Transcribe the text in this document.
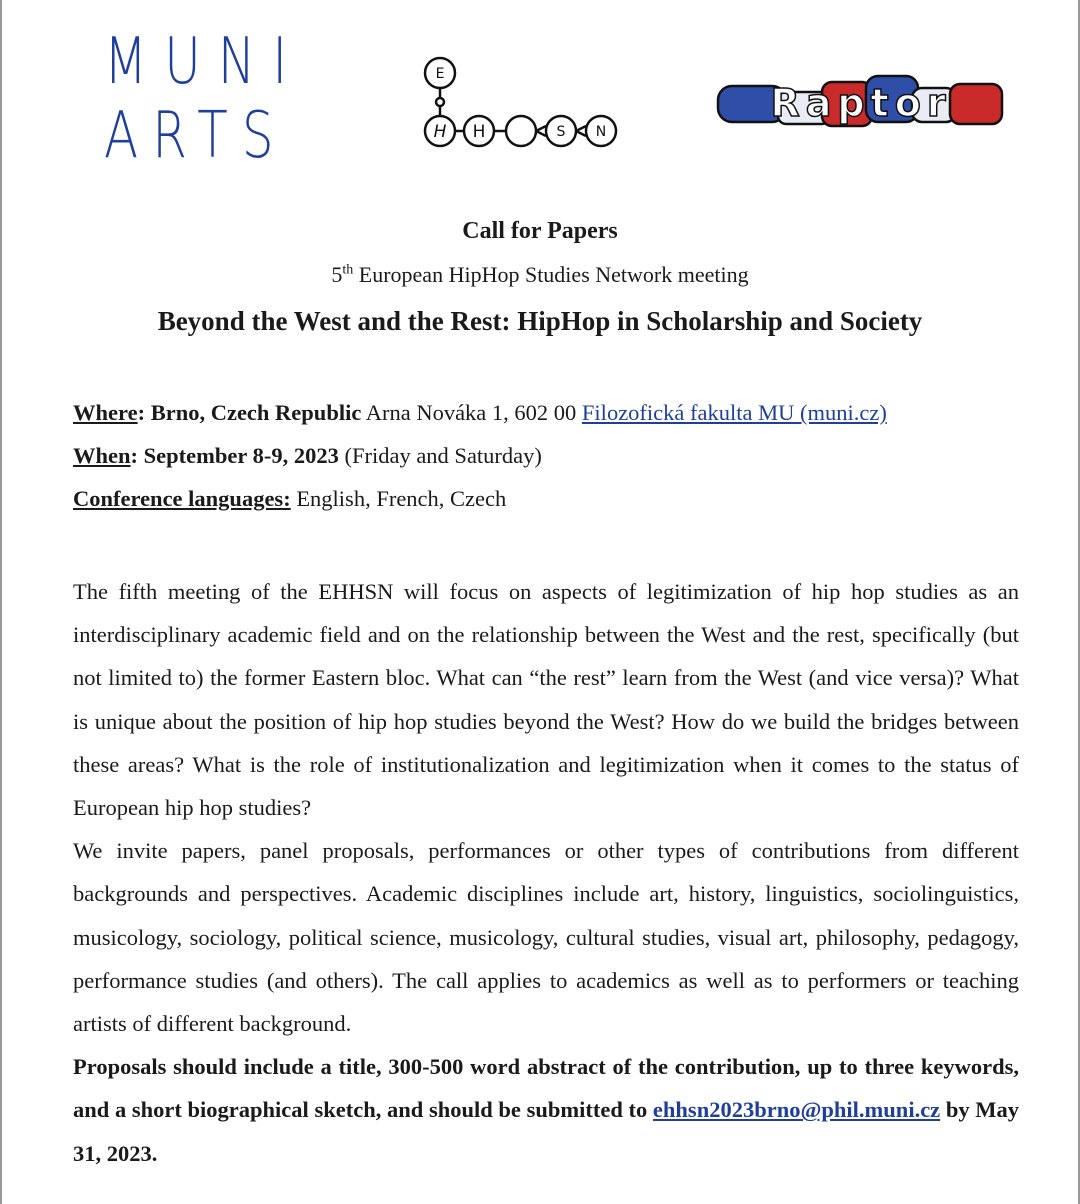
MUNI
ARTS
E
H H	S N
Raptor
Call for Papers
5th European HipHop Studies Network meeting
Beyond the West and the Rest: HipHop in Scholarship and Society
Where: Brno, Czech Republic Arna Nováka 1, 602 00 Filozofická fakulta MU (muni.cz)
When: September 8-9, 2023 (Friday and Saturday)
Conference languages: English, French, Czech

The fifth meeting of the EHHSN will focus on aspects of legitimization of hip hop studies as an interdisciplinary academic field and on the relationship between the West and the rest, specifically (but not limited to) the former Eastern bloc. What can “the rest” learn from the West (and vice versa)? What is unique about the position of hip hop studies beyond the West? How do we build the bridges between these areas? What is the role of institutionalization and legitimization when it comes to the status of European hip hop studies?

We invite papers, panel proposals, performances or other types of contributions from different backgrounds and perspectives. Academic disciplines include art, history, linguistics, sociolinguistics, musicology, sociology, political science, musicology, cultural studies, visual art, philosophy, pedagogy, performance studies (and others). The call applies to academics as well as to performers or teaching artists of different background.

Proposals should include a title, 300-500 word abstract of the contribution, up to three keywords, and a short biographical sketch, and should be submitted to ehhsn2023brno@phil.muni.cz by May 31, 2023.
